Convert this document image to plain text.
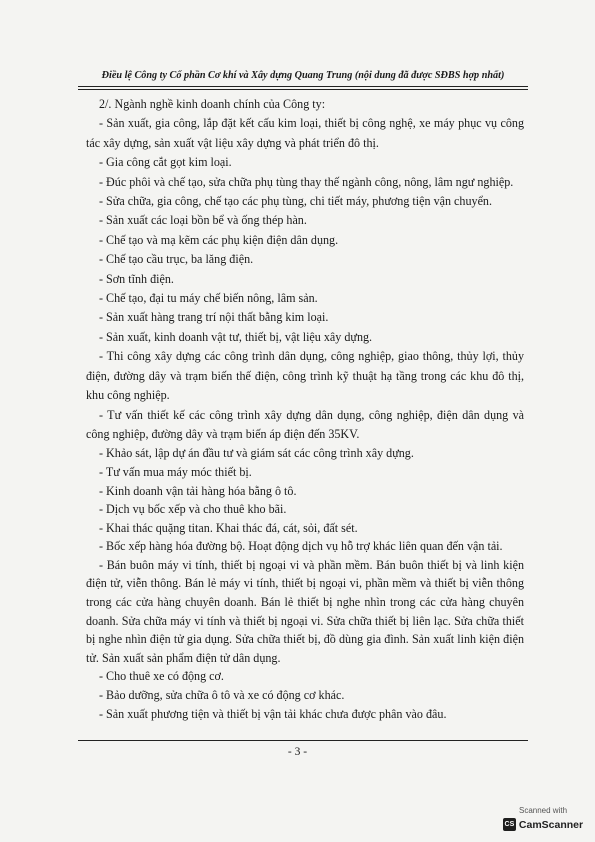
Điều lệ Công ty Cổ phần Cơ khí và Xây dựng Quang Trung (nội dung đã được SĐBS hợp nhất)

2/. Ngành nghề kinh doanh chính của Công ty:

- Sản xuất, gia công, lắp đặt kết cấu kim loại, thiết bị công nghệ, xe máy phục vụ công tác xây dựng, sản xuất vật liệu xây dựng và phát triển đô thị.

- Gia công cắt gọt kim loại.

- Đúc phôi và chế tạo, sửa chữa phụ tùng thay thế ngành công, nông, lâm ngư nghiệp.

- Sửa chữa, gia công, chế tạo các phụ tùng, chi tiết máy, phương tiện vận chuyển.

- Sản xuất các loại bồn bể và ống thép hàn.

- Chế tạo và mạ kẽm các phụ kiện điện dân dụng.

- Chế tạo cầu trục, ba lăng điện.

- Sơn tĩnh điện.

- Chế tạo, đại tu máy chế biến nông, lâm sản.

- Sản xuất hàng trang trí nội thất bằng kim loại.

- Sản xuất, kinh doanh vật tư, thiết bị, vật liệu xây dựng.

- Thi công xây dựng các công trình dân dụng, công nghiệp, giao thông, thủy lợi, thủy điện, đường dây và trạm biến thế điện, công trình kỹ thuật hạ tầng trong các khu đô thị, khu công nghiệp.

- Tư vấn thiết kế các công trình xây dựng dân dụng, công nghiệp, điện dân dụng và công nghiệp, đường dây và trạm biến áp điện đến 35KV.

- Khảo sát, lập dự án đầu tư và giám sát các công trình xây dựng.

- Tư vấn mua máy móc thiết bị.

- Kinh doanh vận tải hàng hóa bằng ô tô.

- Dịch vụ bốc xếp và cho thuê kho bãi.

- Khai thác quặng titan. Khai thác đá, cát, sỏi, đất sét.

- Bốc xếp hàng hóa đường bộ. Hoạt động dịch vụ hỗ trợ khác liên quan đến vận tải.

- Bán buôn máy vi tính, thiết bị ngoại vi và phần mềm. Bán buôn thiết bị và linh kiện điện tử, viễn thông. Bán lẻ máy vi tính, thiết bị ngoại vi, phần mềm và thiết bị viễn thông trong các cửa hàng chuyên doanh. Bán lẻ thiết bị nghe nhìn trong các cửa hàng chuyên doanh. Sửa chữa máy vi tính và thiết bị ngoại vi. Sửa chữa thiết bị liên lạc. Sửa chữa thiết bị nghe nhìn điện tử gia dụng. Sửa chữa thiết bị, đồ dùng gia đình. Sản xuất linh kiện điện tử. Sản xuất sản phẩm điện tử dân dụng.

- Cho thuê xe có động cơ.

- Bảo dưỡng, sửa chữa ô tô và xe có động cơ khác.

- Sản xuất phương tiện và thiết bị vận tải khác chưa được phân vào đâu.

- 3 -
Scanned with
CS CamScanner
